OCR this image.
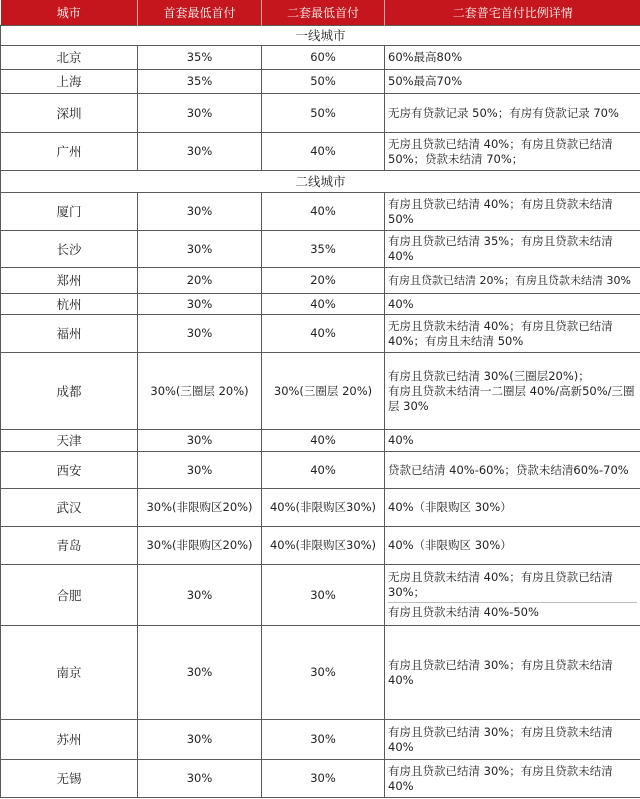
城市	首套最低首付	二套最低首付	二套普宅首付比例详情
一线城市			
北京	35%	60%	60%最高80%
上海	35%	50%	50%最高70%
深圳	30%	50%	无房有贷款记录 50%；有房有贷款记录 70%
广州	30%	40%	无房且贷款已结清 40%；有房且贷款已结清 50%；贷款未结清 70%；
二线城市			
厦门	30%	40%	有房且贷款已结清 40%；有房且贷款未结清 50%
长沙	30%	35%	有房且贷款已结清 35%；有房且贷款未结清 40%
郑州	20%	20%	有房且贷款已结清 20%；有房且贷款未结清 30%
杭州	30%	40%	40%
福州	30%	40%	无房且贷款未结清 40%；有房且贷款已结清 40%；有房且未结清 50%
成都	30%(三圈层 20%)	30%(三圈层 20%)	有房且贷款已结清 30%(三圈层20%)；
有房且贷款未结清一二圈层 40%/高新50%/三圈层 30%

天津	30%	40%	40%
西安	30%	40%	贷款已结清 40%-60%；贷款未结清60%-70%
武汉	30%(非限购区20%)	40%(非限购区30%)	40%（非限购区 30%）
青岛	30%(非限购区20%)	40%(非限购区30%)	40%（非限购区 30%）
合肥	30%	30%	无房且贷款未结清 40%；有房且贷款已结清 30%；
有房且贷款未结清 40%-50%

南京	30%	30%	有房且贷款已结清 30%；有房且贷款未结清 40%
苏州	30%	30%	有房且贷款已结清 30%；有房且贷款未结清 40%
无锡	30%	30%	有房且贷款已结清 30%；有房且贷款未结清 40%
